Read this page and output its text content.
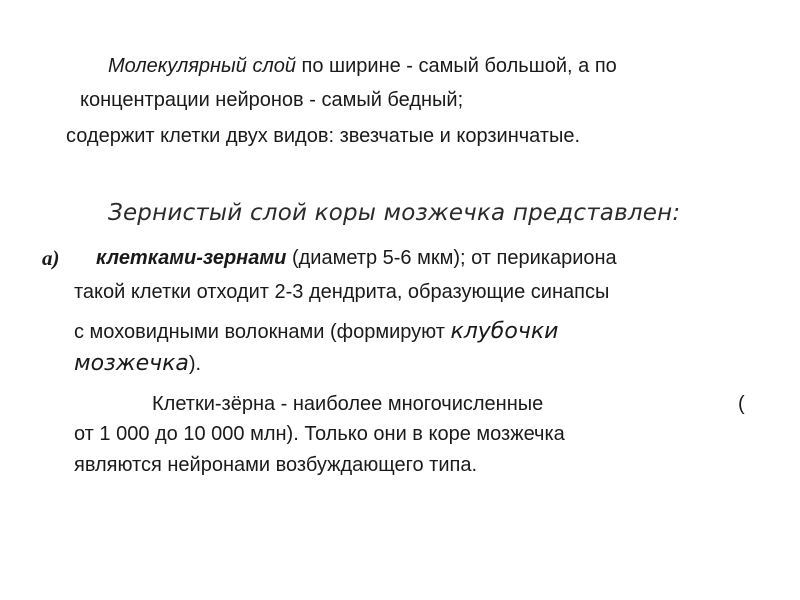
Молекулярный слой по ширине - самый большой, а по
концентрации нейронов - самый бедный;
содержит клетки двух видов: звезчатые и корзинчатые.
Зернистый слой коры мозжечка представлен:
а) клетками-зернами (диаметр 5-6 мкм); от перикариона
такой клетки отходит 2-3 дендрита, образующие синапсы
с моховидными волокнами (формируют клубочки
мозжечка).
Клетки-зёрна - наиболее многочисленные	(
от 1 000 до 10 000 млн). Только они в коре мозжечка
являются нейронами возбуждающего типа.
